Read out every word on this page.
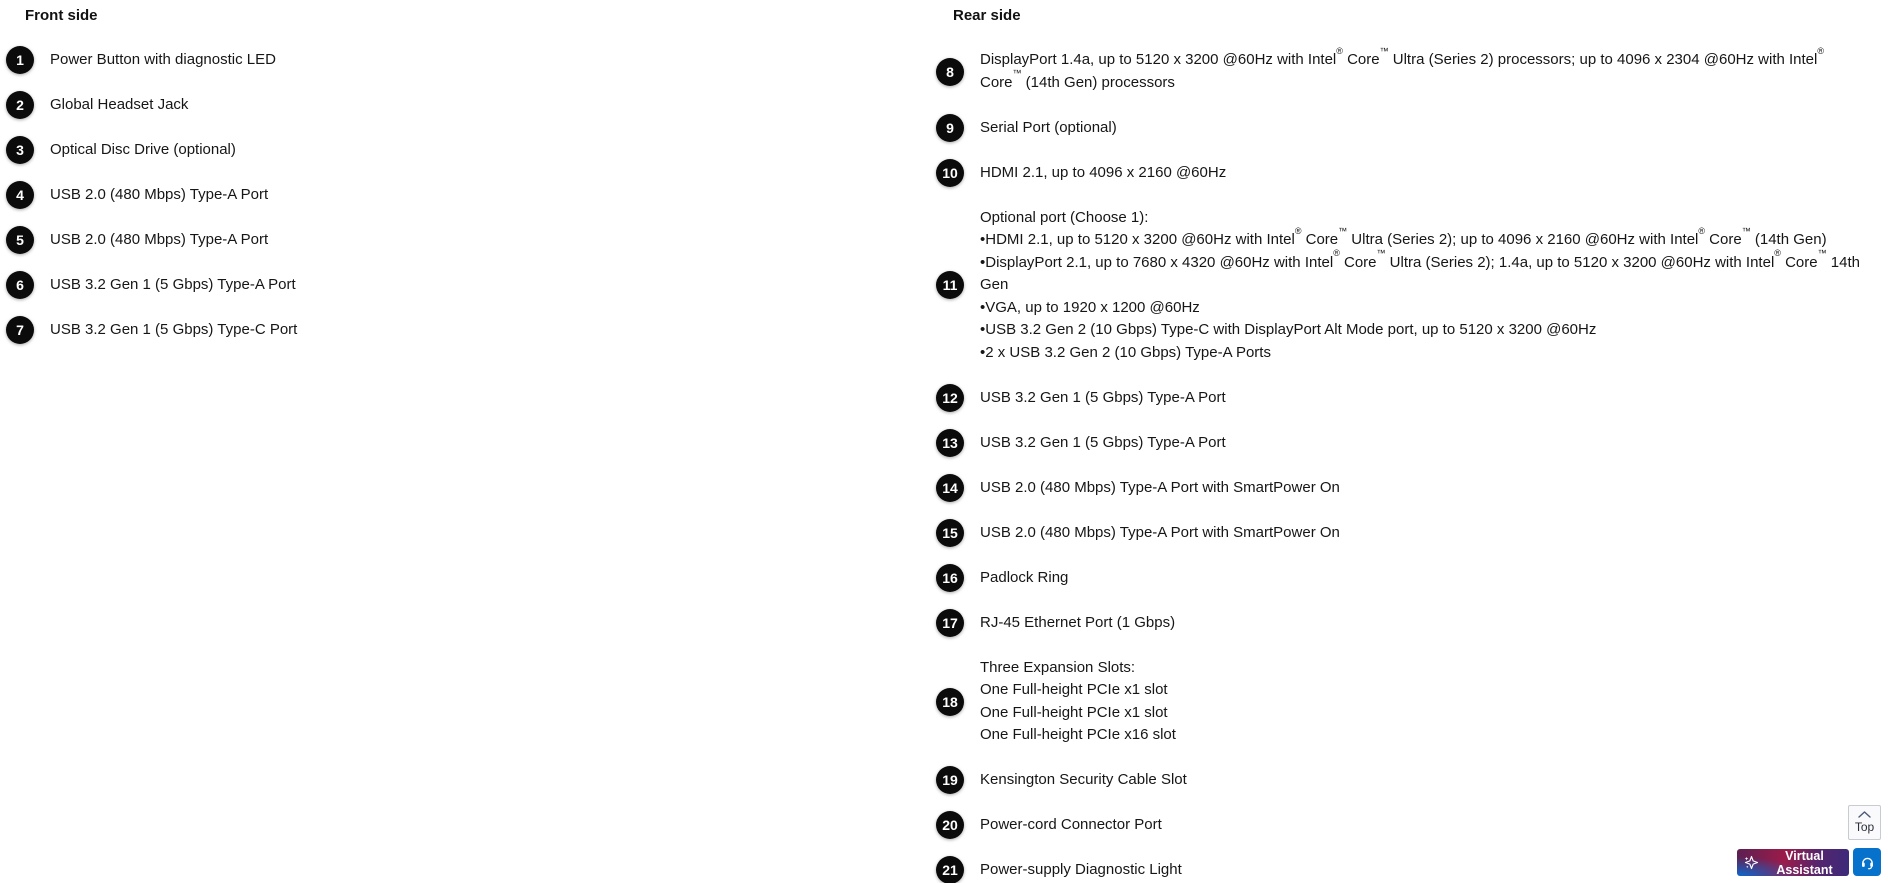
Front side
1 Power Button with diagnostic LED
2 Global Headset Jack
3 Optical Disc Drive (optional)
4 USB 2.0 (480 Mbps) Type-A Port
5 USB 2.0 (480 Mbps) Type-A Port
6 USB 3.2 Gen 1 (5 Gbps) Type-A Port
7 USB 3.2 Gen 1 (5 Gbps) Type-C Port
Rear side
8
DisplayPort 1.4a, up to 5120 x 3200 @60Hz with Intel® Core™ Ultra (Series 2) processors; up to 4096 x 2304 @60Hz with Intel® Core™ (14th Gen) processors
9 Serial Port (optional)
10 HDMI 2.1, up to 4096 x 2160 @60Hz
11
Optional port (Choose 1):
•HDMI 2.1, up to 5120 x 3200 @60Hz with Intel® Core™ Ultra (Series 2); up to 4096 x 2160 @60Hz with Intel® Core™ (14th Gen)
•DisplayPort 2.1, up to 7680 x 4320 @60Hz with Intel® Core™ Ultra (Series 2); 1.4a, up to 5120 x 3200 @60Hz with Intel® Core™ 14th Gen
•VGA, up to 1920 x 1200 @60Hz
•USB 3.2 Gen 2 (10 Gbps) Type-C with DisplayPort Alt Mode port, up to 5120 x 3200 @60Hz
•2 x USB 3.2 Gen 2 (10 Gbps) Type-A Ports
12 USB 3.2 Gen 1 (5 Gbps) Type-A Port
13 USB 3.2 Gen 1 (5 Gbps) Type-A Port
14 USB 2.0 (480 Mbps) Type-A Port with SmartPower On
15 USB 2.0 (480 Mbps) Type-A Port with SmartPower On
16 Padlock Ring
17 RJ-45 Ethernet Port (1 Gbps)
18
Three Expansion Slots:
One Full-height PCIe x1 slot
One Full-height PCIe x1 slot
One Full-height PCIe x16 slot
19 Kensington Security Cable Slot
20 Power-cord Connector Port
21 Power-supply Diagnostic Light
Top
Virtual Assistant
